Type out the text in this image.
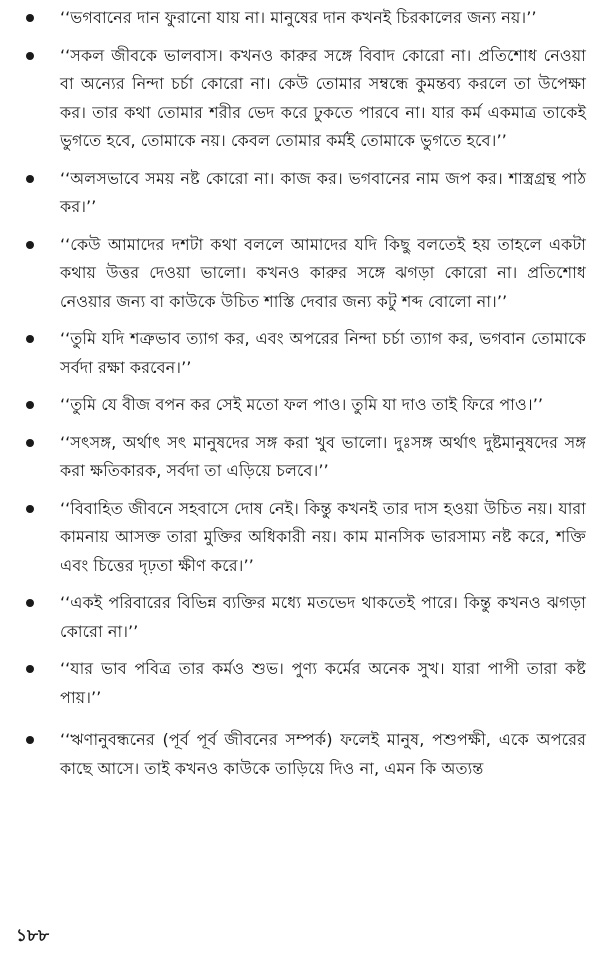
‘‘ভগবানের দান ফুরানো যায় না। মানুষের দান কখনই চিরকালের জন্য নয়।’’
‘‘সকল জীবকে ভালবাস। কখনও কারুর সঙ্গে বিবাদ কোরো না। প্রতিশোধ নেওয়া বা অন্যের নিন্দা চর্চা কোরো না। কেউ তোমার সম্বন্ধে কুমন্তব্য করলে তা উপেক্ষা কর। তার কথা তোমার শরীর ভেদ করে ঢুকতে পারবে না। যার কর্ম একমাত্র তাকেই ভুগতে হবে, তোমাকে নয়। কেবল তোমার কর্মই তোমাকে ভুগতে হবে।’’
‘‘অলসভাবে সময় নষ্ট কোরো না। কাজ কর। ভগবানের নাম জপ কর। শাস্ত্রগ্রন্থ পাঠ কর।’’
‘‘কেউ আমাদের দশটা কথা বললে আমাদের যদি কিছু বলতেই হয় তাহলে একটা কথায় উত্তর দেওয়া ভালো। কখনও কারুর সঙ্গে ঝগড়া কোরো না। প্রতিশোধ নেওয়ার জন্য বা কাউকে উচিত শাস্তি দেবার জন্য কটু শব্দ বোলো না।’’
‘‘তুমি যদি শত্রুভাব ত্যাগ কর, এবং অপরের নিন্দা চর্চা ত্যাগ কর, ভগবান তোমাকে সর্বদা রক্ষা করবেন।’’
‘‘তুমি যে বীজ বপন কর সেই মতো ফল পাও। তুমি যা দাও তাই ফিরে পাও।’’
‘‘সৎসঙ্গ, অর্থাৎ সৎ মানুষদের সঙ্গ করা খুব ভালো। দুঃসঙ্গ অর্থাৎ দুষ্টমানুষদের সঙ্গ করা ক্ষতিকারক, সর্বদা তা এড়িয়ে চলবে।’’
‘‘বিবাহিত জীবনে সহবাসে দোষ নেই। কিন্তু কখনই তার দাস হওয়া উচিত নয়। যারা কামনায় আসক্ত তারা মুক্তির অধিকারী নয়। কাম মানসিক ভারসাম্য নষ্ট করে, শক্তি এবং চিত্তের দৃঢ়তা ক্ষীণ করে।’’
‘‘একই পরিবারের বিভিন্ন ব্যক্তির মধ্যে মতভেদ থাকতেই পারে। কিন্তু কখনও ঝগড়া কোরো না।’’
‘‘যার ভাব পবিত্র তার কর্মও শুভ। পুণ্য কর্মের অনেক সুখ। যারা পাপী তারা কষ্ট পায়।’’
‘‘ঋণানুবন্ধনের (পূর্ব পূর্ব জীবনের সম্পর্ক) ফলেই মানুষ, পশুপক্ষী, একে অপরের কাছে আসে। তাই কখনও কাউকে তাড়িয়ে দিও না, এমন কি অত্যন্ত
১৮৮
